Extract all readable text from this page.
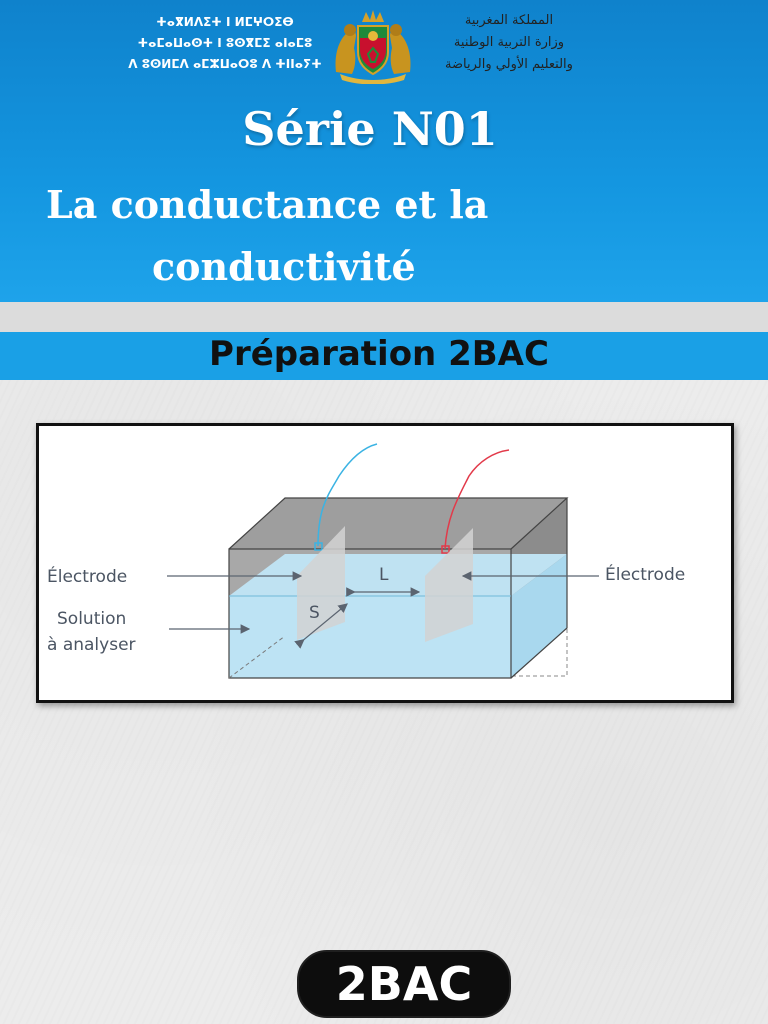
ⵜⴰⴳⵍⴷⵉⵜ ⵏ ⵍⵎⵖⵔⵉⴱ
ⵜⴰⵎⴰⵡⴰⵙⵜ ⵏ ⵓⵙⴳⵎⵉ ⴰⵏⴰⵎⵓ
ⴷ ⵓⵙⵍⵎⴷ ⴰⵎⵣⵡⴰⵔⵓ ⴷ ⵜⵏⵏⴰⵢⵜ
المملكة المغربية
وزارة التربية الوطنية
والتعليم الأولي والرياضة
Série N01
La conductance et la
conductivité
Préparation 2BAC
L
S
Électrode	Électrode
Solution
à analyser
2BAC
